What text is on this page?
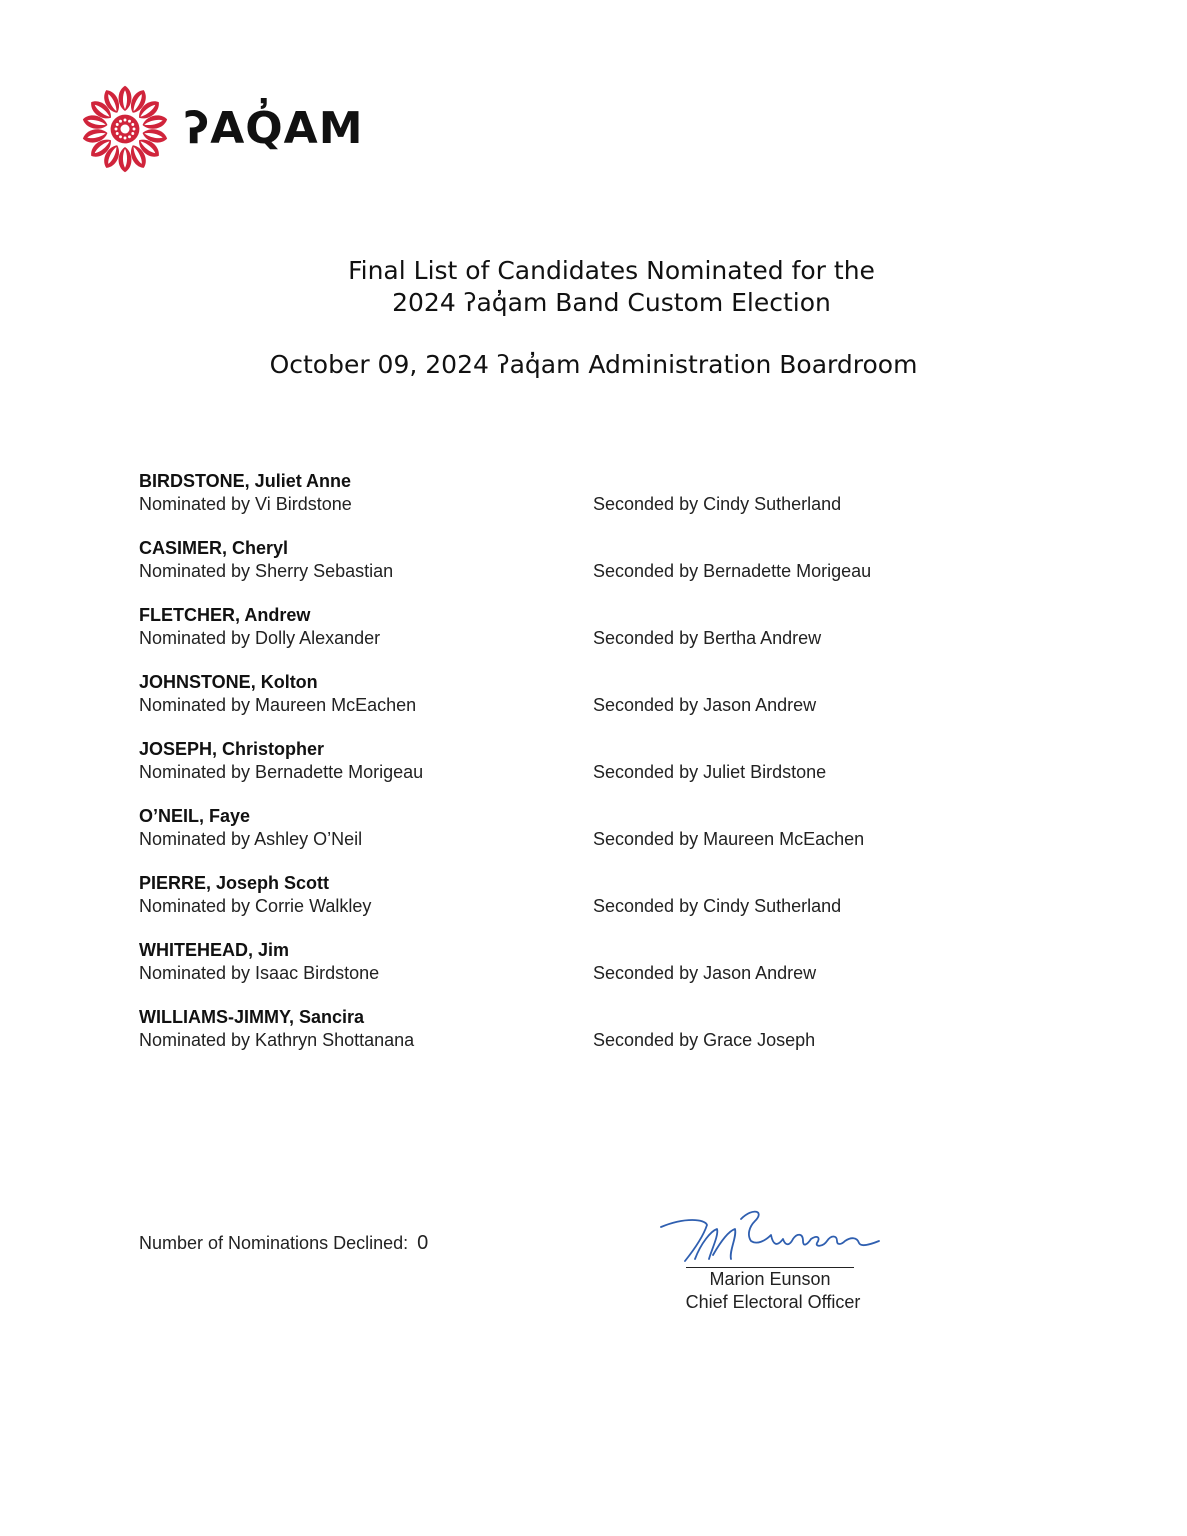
ʔAQ̓AM
Final List of Candidates Nominated for the
2024 ʔaq̓am Band Custom Election
October 09, 2024 ʔaq̓am Administration Boardroom
BIRDSTONE, Juliet Anne
Nominated by Vi Birdstone	Seconded by Cindy Sutherland
CASIMER, Cheryl
Nominated by Sherry Sebastian	Seconded by Bernadette Morigeau
FLETCHER, Andrew
Nominated by Dolly Alexander	Seconded by Bertha Andrew
JOHNSTONE, Kolton
Nominated by Maureen McEachen	Seconded by Jason Andrew
JOSEPH, Christopher
Nominated by Bernadette Morigeau	Seconded by Juliet Birdstone
O’NEIL, Faye
Nominated by Ashley O’Neil	Seconded by Maureen McEachen
PIERRE, Joseph Scott
Nominated by Corrie Walkley	Seconded by Cindy Sutherland
WHITEHEAD, Jim
Nominated by Isaac Birdstone	Seconded by Jason Andrew
WILLIAMS-JIMMY, Sancira
Nominated by Kathryn Shottanana	Seconded by Grace Joseph
Number of Nominations Declined: 0
Marion Eunson
Chief Electoral Officer
